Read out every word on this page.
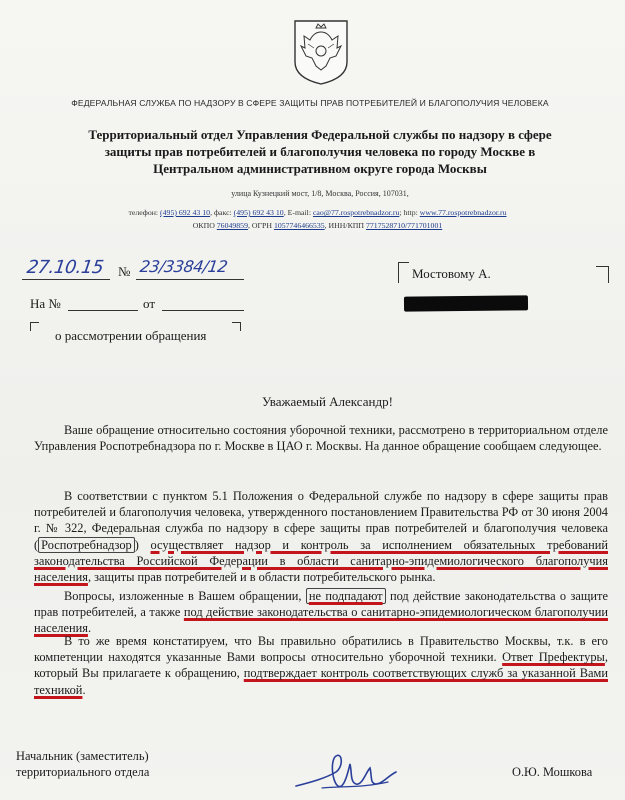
ФЕДЕРАЛЬНАЯ СЛУЖБА ПО НАДЗОРУ В СФЕРЕ ЗАЩИТЫ ПРАВ ПОТРЕБИТЕЛЕЙ И БЛАГОПОЛУЧИЯ ЧЕЛОВЕКА
Территориальный отдел Управления Федеральной службы по надзору в сфере
защиты прав потребителей и благополучия человека по городу Москве в
Центральном административном округе города Москвы
улица Кузнецкий мост, 1/8, Москва, Россия, 107031,
телефон: (495) 692 43 10, факс: (495) 692 43 10, E-mail: cao@77.rospotrebnadzor.ru; http: www.77.rospotrebnadzor.ru
ОКПО 76049859, ОГРН 1057746466535, ИНН/КПП 7717528710/771701001
27.10.15 № 23/3384/12
На №	от
о рассмотрении обращения
Мостовому А.
Уважаемый Александр!
Ваше обращение относительно состояния уборочной техники, рассмотрено в территориальном отделе Управления Роспотребнадзора по г. Москве в ЦАО г. Москвы. На данное обращение сообщаем следующее.
В соответствии с пунктом 5.1 Положения о Федеральной службе по надзору в сфере защиты прав потребителей и благополучия человека, утвержденного постановлением Правительства РФ от 30 июня 2004 г. № 322, Федеральная служба по надзору в сфере защиты прав потребителей и благополучия человека ( Роспотребнадзор ) осуществляет надзор и контроль за исполнением обязательных требований законодательства Российской Федерации в области санитарно-эпидемиологического благополучия населения, защиты прав потребителей и в области потребительского рынка.
Вопросы, изложенные в Вашем обращении, не подпадают под действие законодательства о защите прав потребителей, а также под действие законодательства о санитарно-эпидемиологическом благополучии населения.
В то же время констатируем, что Вы правильно обратились в Правительство Москвы, т.к. в его компетенции находятся указанные Вами вопросы относительно уборочной техники. Ответ Префектуры, который Вы прилагаете к обращению, подтверждает контроль соответствующих служб за указанной Вами техникой.
Начальник (заместитель)
территориального отдела	О.Ю. Мошкова
